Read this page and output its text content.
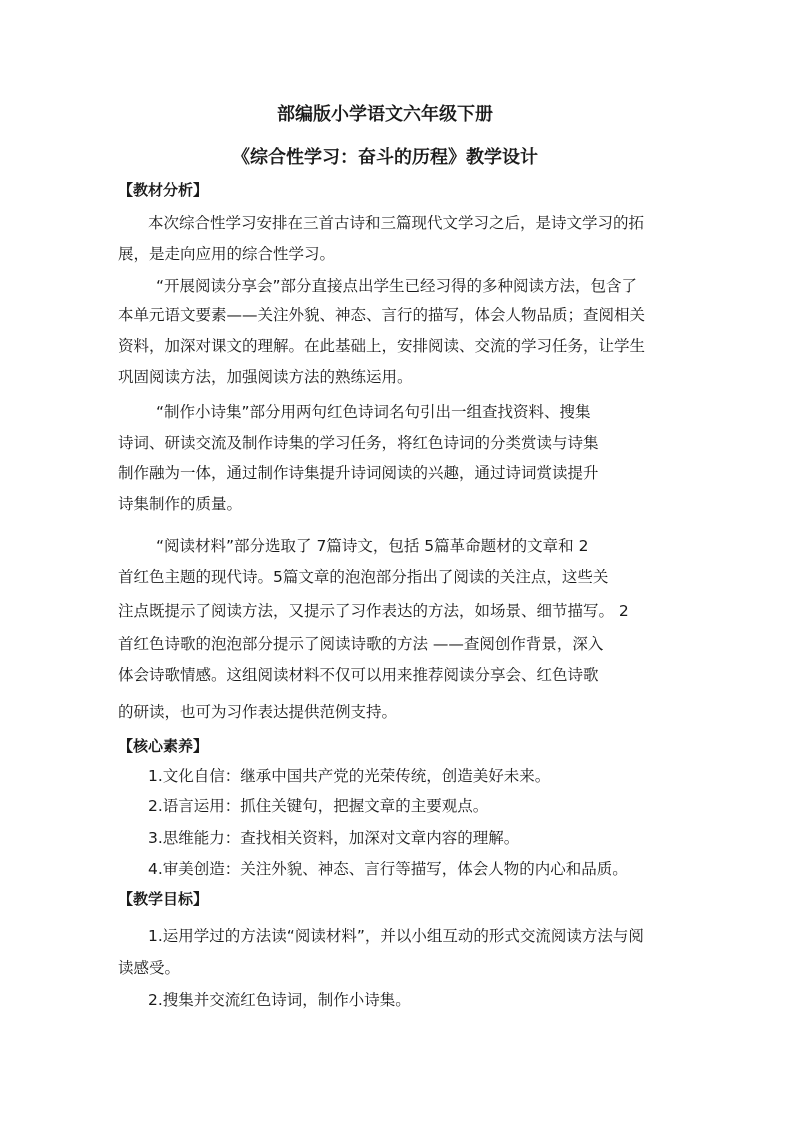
部编版小学语文六年级下册
《综合性学习：奋斗的历程》教学设计
【教材分析】
本次综合性学习安排在三首古诗和三篇现代文学习之后，是诗文学习的拓
展，是走向应用的综合性学习。
“开展阅读分享会”部分直接点出学生已经习得的多种阅读方法，包含了
本单元语文要素——关注外貌、神态、言行的描写，体会人物品质；查阅相关
资料，加深对课文的理解。在此基础上，安排阅读、交流的学习任务，让学生
巩固阅读方法，加强阅读方法的熟练运用。
“制作小诗集”部分用两句红色诗词名句引出一组查找资料、搜集
诗词、研读交流及制作诗集的学习任务，将红色诗词的分类赏读与诗集
制作融为一体，通过制作诗集提升诗词阅读的兴趣，通过诗词赏读提升
诗集制作的质量。
“阅读材料”部分选取了 7篇诗文，包括 5篇革命题材的文章和 2
首红色主题的现代诗。5篇文章的泡泡部分指出了阅读的关注点，这些关
注点既提示了阅读方法，又提示了习作表达的方法，如场景、细节描写。 2
首红色诗歌的泡泡部分提示了阅读诗歌的方法 ——查阅创作背景，深入
体会诗歌情感。这组阅读材料不仅可以用来推荐阅读分享会、红色诗歌
的研读，也可为习作表达提供范例支持。
【核心素养】
1.文化自信：继承中国共产党的光荣传统，创造美好未来。
2.语言运用：抓住关键句，把握文章的主要观点。
3.思维能力：查找相关资料，加深对文章内容的理解。
4.审美创造：关注外貌、神态、言行等描写，体会人物的内心和品质。
【教学目标】
1.运用学过的方法读“阅读材料”，并以小组互动的形式交流阅读方法与阅
读感受。
2.搜集并交流红色诗词，制作小诗集。
